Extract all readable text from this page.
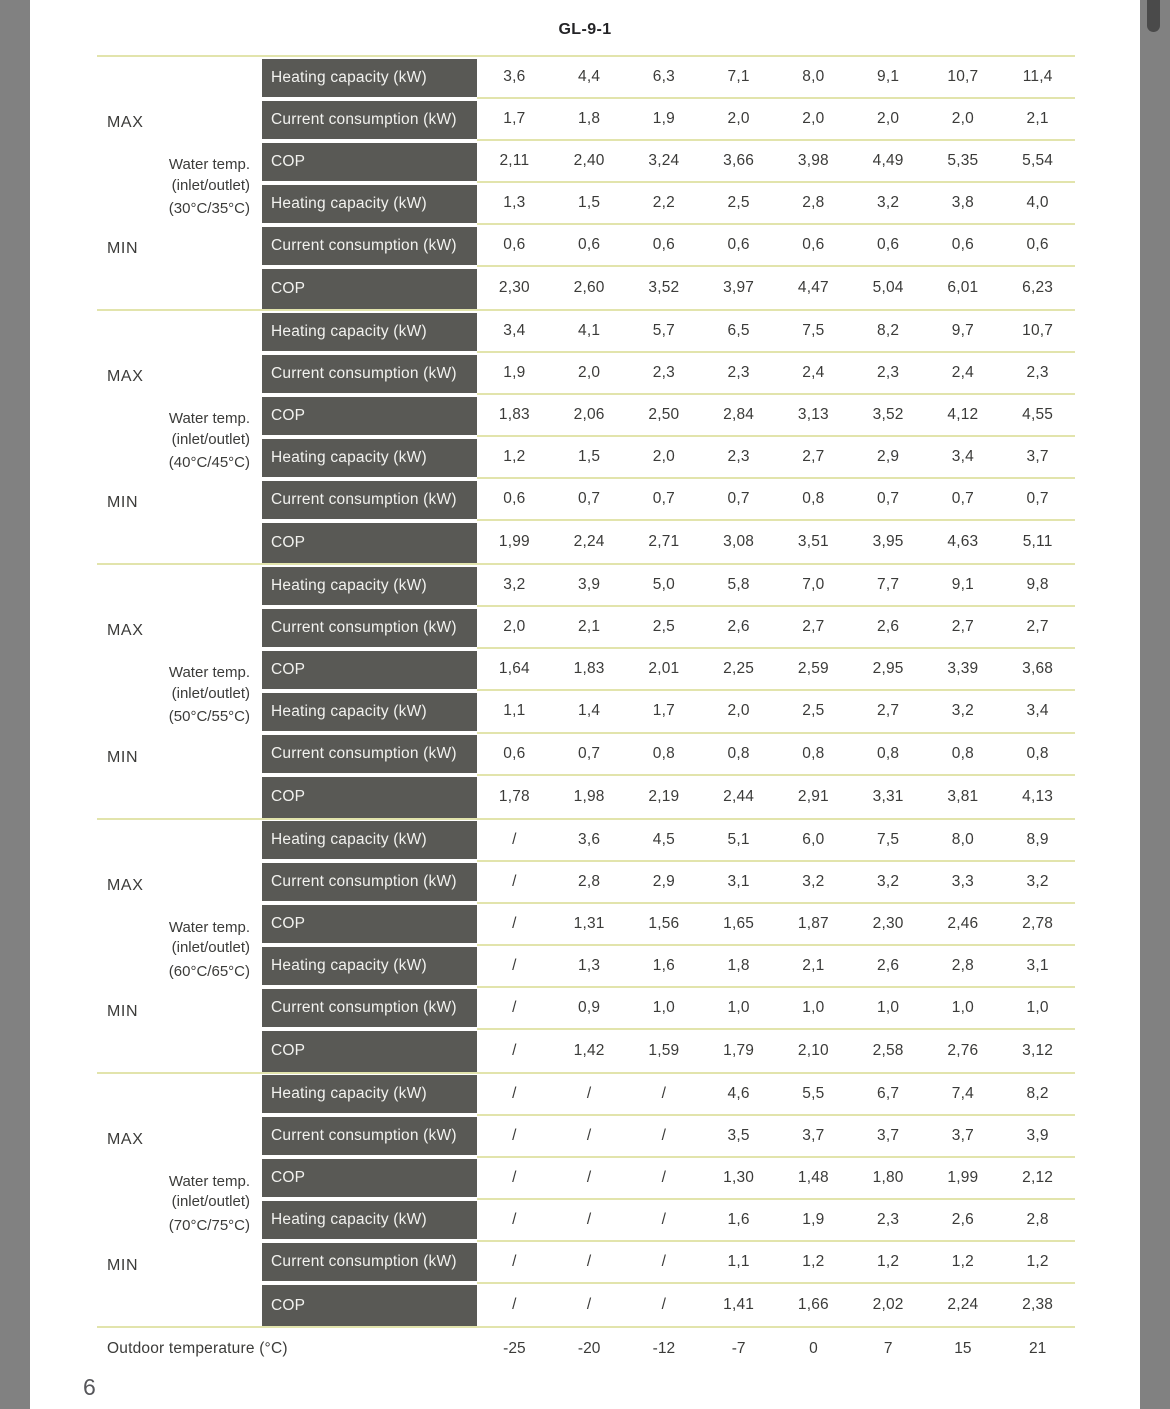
GL-9-1
Water temp.
(inlet/outlet)
(30°C/35°C)
Heating capacity (kW)	3,6	4,4	6,3	7,1	8,0	9,1	10,7	11,4
MAX	Current consumption (kW)	1,7	1,8	1,9	2,0	2,0	2,0	2,0	2,1
COP	2,11	2,40	3,24	3,66	3,98	4,49	5,35	5,54
Heating capacity (kW)	1,3	1,5	2,2	2,5	2,8	3,2	3,8	4,0
MIN	Current consumption (kW)	0,6	0,6	0,6	0,6	0,6	0,6	0,6	0,6
COP	2,30	2,60	3,52	3,97	4,47	5,04	6,01	6,23
Water temp.
(inlet/outlet)
(40°C/45°C)
Heating capacity (kW)	3,4	4,1	5,7	6,5	7,5	8,2	9,7	10,7
MAX	Current consumption (kW)	1,9	2,0	2,3	2,3	2,4	2,3	2,4	2,3
COP	1,83	2,06	2,50	2,84	3,13	3,52	4,12	4,55
Heating capacity (kW)	1,2	1,5	2,0	2,3	2,7	2,9	3,4	3,7
MIN	Current consumption (kW)	0,6	0,7	0,7	0,7	0,8	0,7	0,7	0,7
COP	1,99	2,24	2,71	3,08	3,51	3,95	4,63	5,11
Water temp.
(inlet/outlet)
(50°C/55°C)
Heating capacity (kW)	3,2	3,9	5,0	5,8	7,0	7,7	9,1	9,8
MAX	Current consumption (kW)	2,0	2,1	2,5	2,6	2,7	2,6	2,7	2,7
COP	1,64	1,83	2,01	2,25	2,59	2,95	3,39	3,68
Heating capacity (kW)	1,1	1,4	1,7	2,0	2,5	2,7	3,2	3,4
MIN	Current consumption (kW)	0,6	0,7	0,8	0,8	0,8	0,8	0,8	0,8
COP	1,78	1,98	2,19	2,44	2,91	3,31	3,81	4,13
Water temp.
(inlet/outlet)
(60°C/65°C)
Heating capacity (kW)	/	3,6	4,5	5,1	6,0	7,5	8,0	8,9
MAX	Current consumption (kW)	/	2,8	2,9	3,1	3,2	3,2	3,3	3,2
COP	/	1,31	1,56	1,65	1,87	2,30	2,46	2,78
Heating capacity (kW)	/	1,3	1,6	1,8	2,1	2,6	2,8	3,1
MIN	Current consumption (kW)	/	0,9	1,0	1,0	1,0	1,0	1,0	1,0
COP	/	1,42	1,59	1,79	2,10	2,58	2,76	3,12
Water temp.
(inlet/outlet)
(70°C/75°C)
Heating capacity (kW)	/	/	/	4,6	5,5	6,7	7,4	8,2
MAX	Current consumption (kW)	/	/	/	3,5	3,7	3,7	3,7	3,9
COP	/	/	/	1,30	1,48	1,80	1,99	2,12
Heating capacity (kW)	/	/	/	1,6	1,9	2,3	2,6	2,8
MIN	Current consumption (kW)	/	/	/	1,1	1,2	1,2	1,2	1,2
COP	/	/	/	1,41	1,66	2,02	2,24	2,38
Outdoor temperature (°C)	-25	-20	-12	-7	0	7	15	21
6
